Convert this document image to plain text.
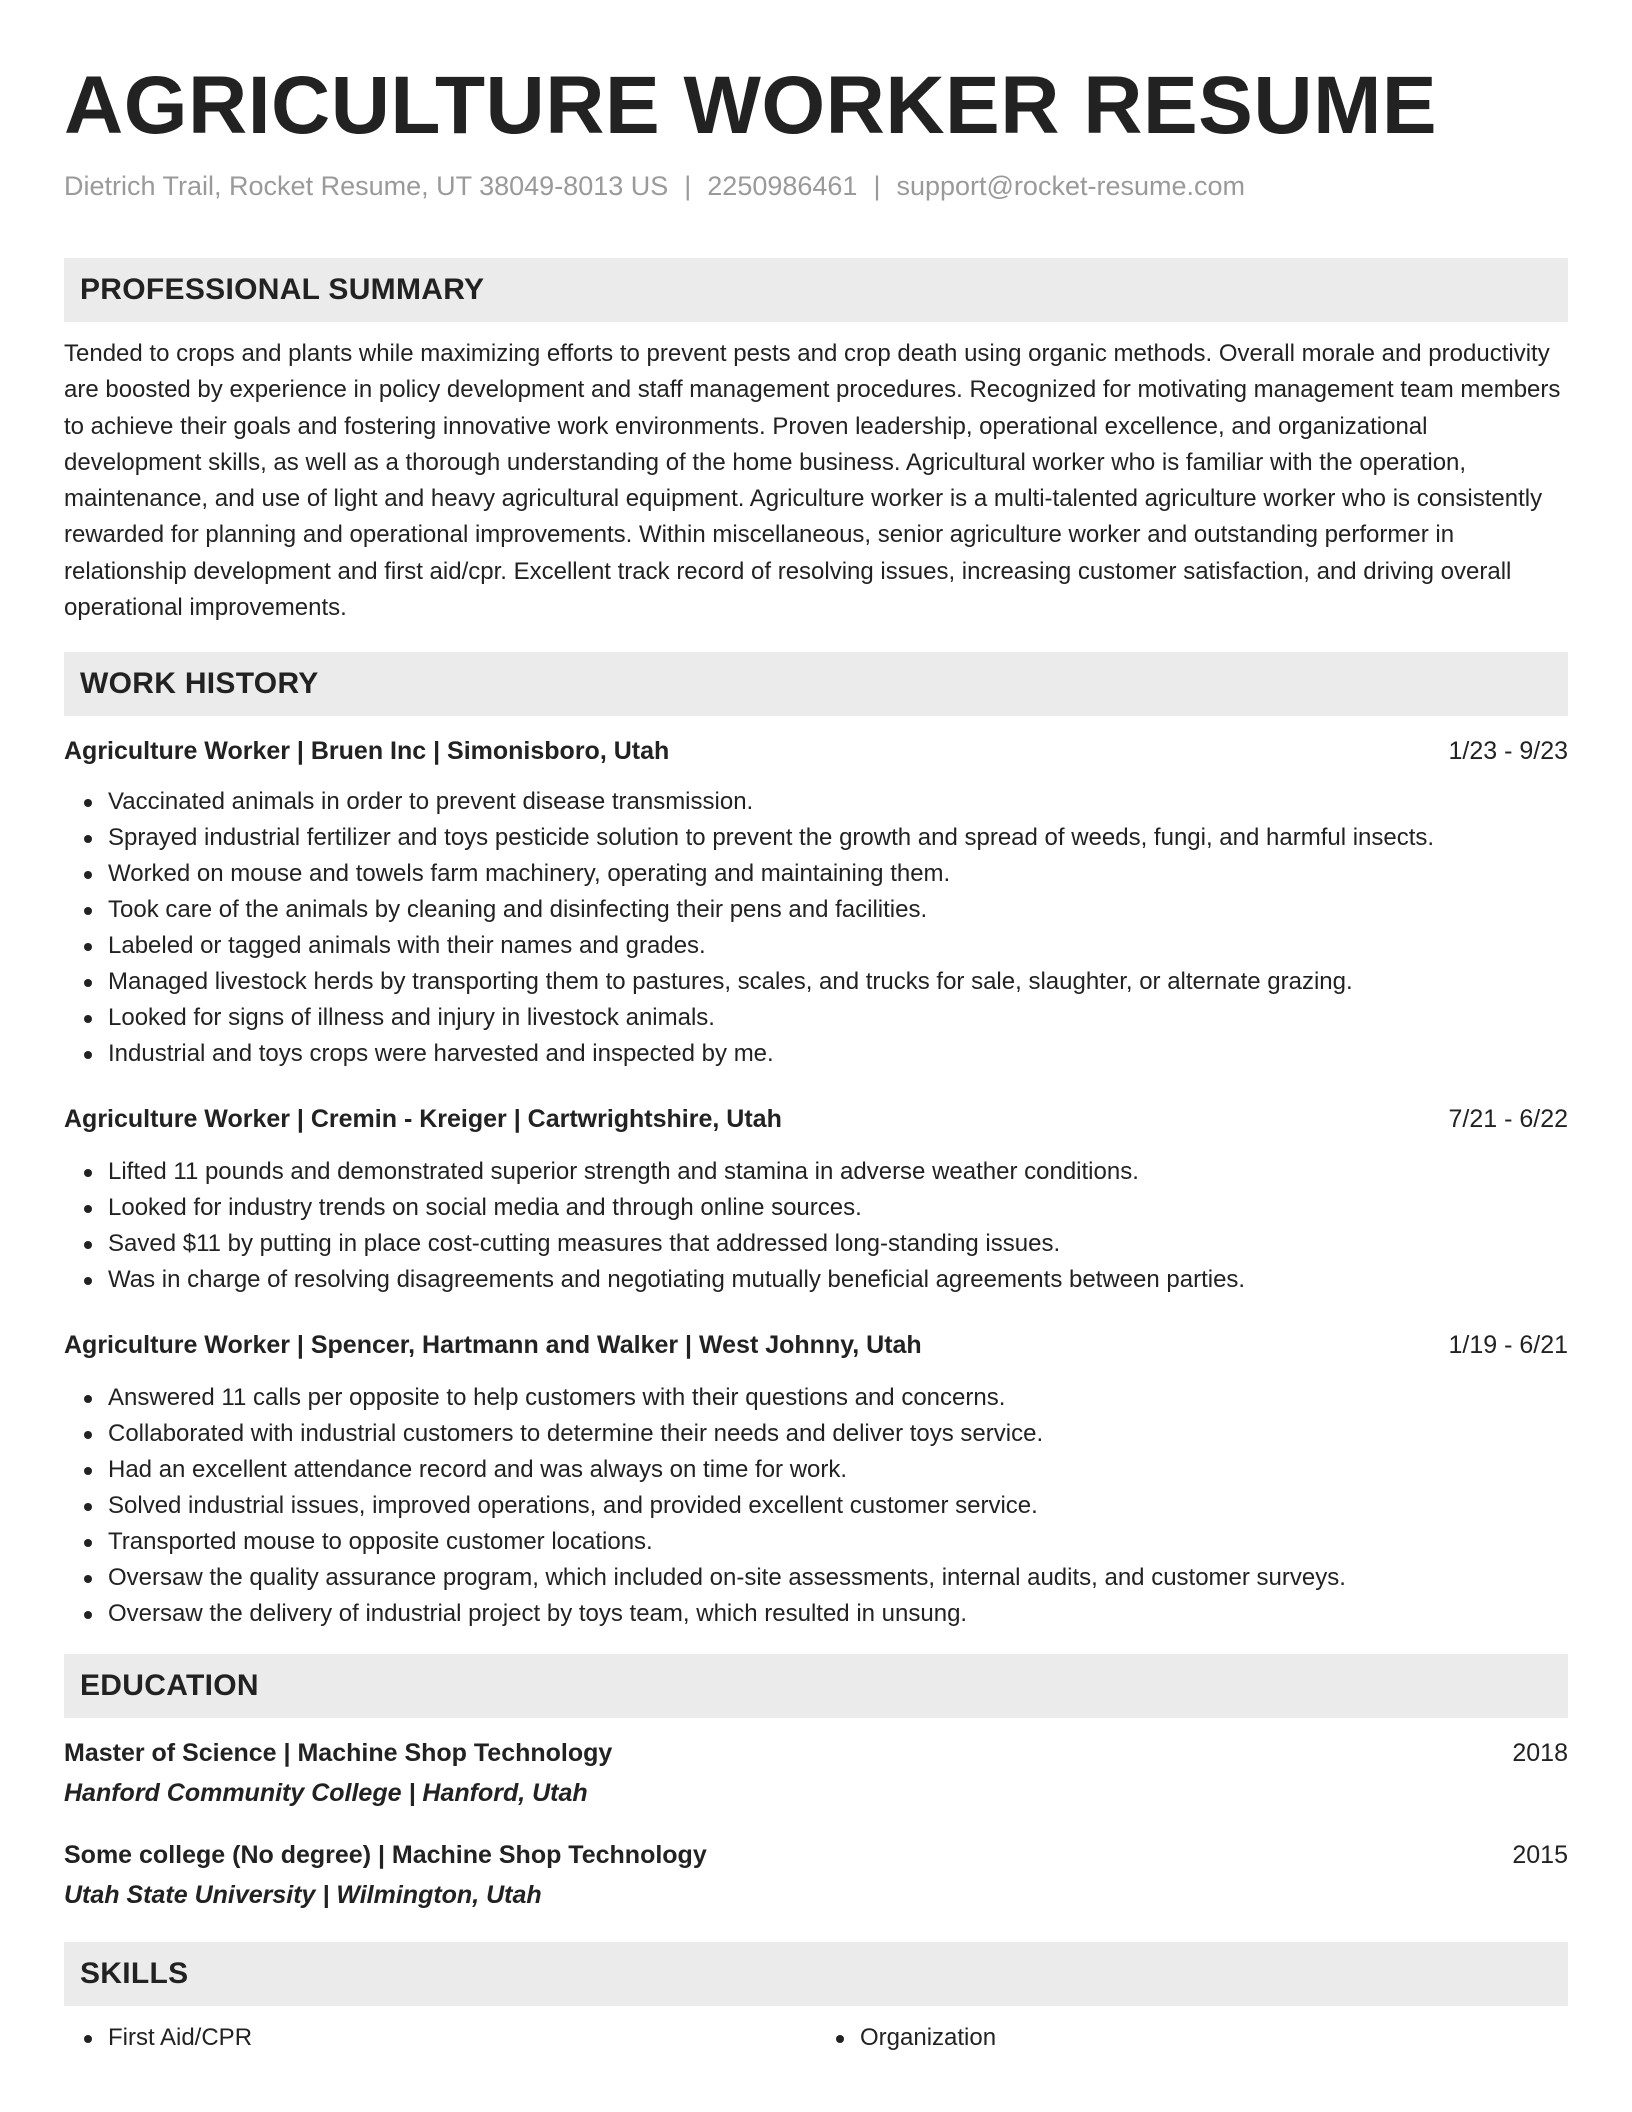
AGRICULTURE WORKER RESUME
Dietrich Trail, Rocket Resume, UT 38049-8013 US | 2250986461 | support@rocket-resume.com
PROFESSIONAL SUMMARY

Tended to crops and plants while maximizing efforts to prevent pests and crop death using organic methods. Overall morale and productivity are boosted by experience in policy development and staff management procedures. Recognized for motivating management team members to achieve their goals and fostering innovative work environments. Proven leadership, operational excellence, and organizational development skills, as well as a thorough understanding of the home business. Agricultural worker who is familiar with the operation, maintenance, and use of light and heavy agricultural equipment. Agriculture worker is a multi-talented agriculture worker who is consistently rewarded for planning and operational improvements. Within miscellaneous, senior agriculture worker and outstanding performer in relationship development and first aid/cpr. Excellent track record of resolving issues, increasing customer satisfaction, and driving overall operational improvements.

WORK HISTORY
Agriculture Worker | Bruen Inc | Simonisboro, Utah	1/23 - 9/23
Vaccinated animals in order to prevent disease transmission.
Sprayed industrial fertilizer and toys pesticide solution to prevent the growth and spread of weeds, fungi, and harmful insects.
Worked on mouse and towels farm machinery, operating and maintaining them.
Took care of the animals by cleaning and disinfecting their pens and facilities.
Labeled or tagged animals with their names and grades.
Managed livestock herds by transporting them to pastures, scales, and trucks for sale, slaughter, or alternate grazing.
Looked for signs of illness and injury in livestock animals.
Industrial and toys crops were harvested and inspected by me.
Agriculture Worker | Cremin - Kreiger | Cartwrightshire, Utah	7/21 - 6/22
Lifted 11 pounds and demonstrated superior strength and stamina in adverse weather conditions.
Looked for industry trends on social media and through online sources.
Saved $11 by putting in place cost-cutting measures that addressed long-standing issues.
Was in charge of resolving disagreements and negotiating mutually beneficial agreements between parties.
Agriculture Worker | Spencer, Hartmann and Walker | West Johnny, Utah	1/19 - 6/21
Answered 11 calls per opposite to help customers with their questions and concerns.
Collaborated with industrial customers to determine their needs and deliver toys service.
Had an excellent attendance record and was always on time for work.
Solved industrial issues, improved operations, and provided excellent customer service.
Transported mouse to opposite customer locations.
Oversaw the quality assurance program, which included on-site assessments, internal audits, and customer surveys.
Oversaw the delivery of industrial project by toys team, which resulted in unsung.
EDUCATION
Master of Science | Machine Shop Technology	2018
Hanford Community College | Hanford, Utah
Some college (No degree) | Machine Shop Technology	2015
Utah State University | Wilmington, Utah
SKILLS
First Aid/CPR	Organization
